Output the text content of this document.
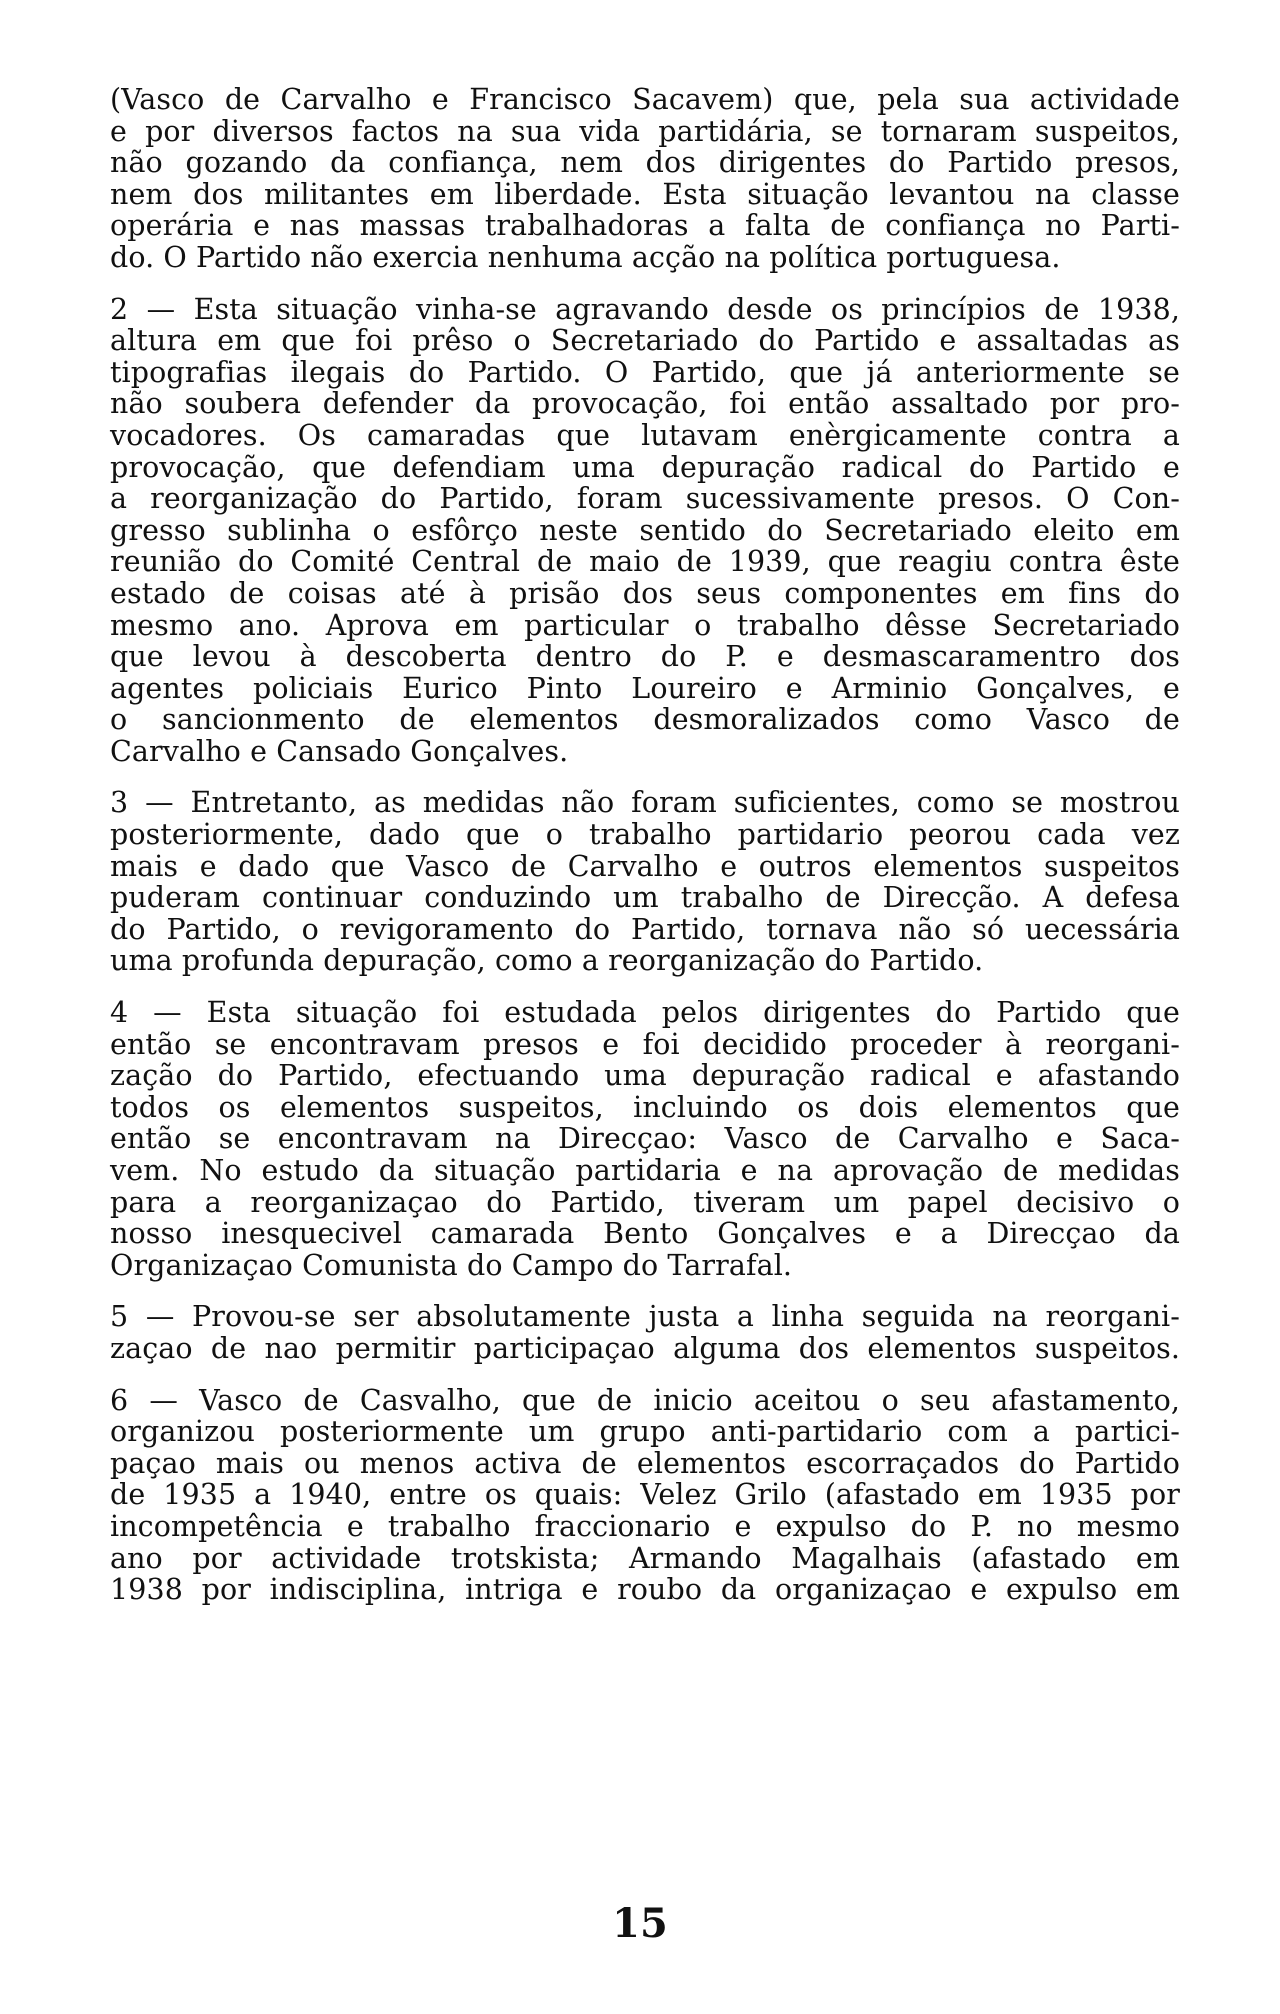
(Vasco de Carvalho e Francisco Sacavem) que, pela sua actividade
e por diversos factos na sua vida partidária, se tornaram suspeitos,
não gozando da confiança, nem dos dirigentes do Partido presos,
nem dos militantes em liberdade. Esta situação levantou na classe
operária e nas massas trabalhadoras a falta de confiança no Parti-
do. O Partido não exercia nenhuma acção na política portuguesa.
2 — Esta situação vinha-se agravando desde os princípios de 1938,
altura em que foi prêso o Secretariado do Partido e assaltadas as
tipografias ilegais do Partido. O Partido, que já anteriormente se
não soubera defender da provocação, foi então assaltado por pro-
vocadores. Os camaradas que lutavam enèrgicamente contra a
provocação, que defendiam uma depuração radical do Partido e
a reorganização do Partido, foram sucessivamente presos. O Con-
gresso sublinha o esfôrço neste sentido do Secretariado eleito em
reunião do Comité Central de maio de 1939, que reagiu contra êste
estado de coisas até à prisão dos seus componentes em fins do
mesmo ano. Aprova em particular o trabalho dêsse Secretariado
que levou à descoberta dentro do P. e desmascaramentro dos
agentes policiais Eurico Pinto Loureiro e Arminio Gonçalves, e
o sancionmento de elementos desmoralizados como Vasco de
Carvalho e Cansado Gonçalves.
3 — Entretanto, as medidas não foram suficientes, como se mostrou
posteriormente, dado que o trabalho partidario peorou cada vez
mais e dado que Vasco de Carvalho e outros elementos suspeitos
puderam continuar conduzindo um trabalho de Direcção. A defesa
do Partido, o revigoramento do Partido, tornava não só uecessária
uma profunda depuração, como a reorganização do Partido.
4 — Esta situação foi estudada pelos dirigentes do Partido que
então se encontravam presos e foi decidido proceder à reorgani-
zação do Partido, efectuando uma depuração radical e afastando
todos os elementos suspeitos, incluindo os dois elementos que
então se encontravam na Direcçao: Vasco de Carvalho e Saca-
vem. No estudo da situação partidaria e na aprovação de medidas
para a reorganizaçao do Partido, tiveram um papel decisivo o
nosso inesquecivel camarada Bento Gonçalves e a Direcçao da
Organizaçao Comunista do Campo do Tarrafal.
5 — Provou-se ser absolutamente justa a linha seguida na reorgani-
zaçao de nao permitir participaçao alguma dos elementos suspeitos.
6 — Vasco de Casvalho, que de inicio aceitou o seu afastamento,
organizou posteriormente um grupo anti-partidario com a partici-
paçao mais ou menos activa de elementos escorraçados do Partido
de 1935 a 1940, entre os quais: Velez Grilo (afastado em 1935 por
incompetência e trabalho fraccionario e expulso do P. no mesmo
ano por actividade trotskista; Armando Magalhais (afastado em
1938 por indisciplina, intriga e roubo da organizaçao e expulso em
15
